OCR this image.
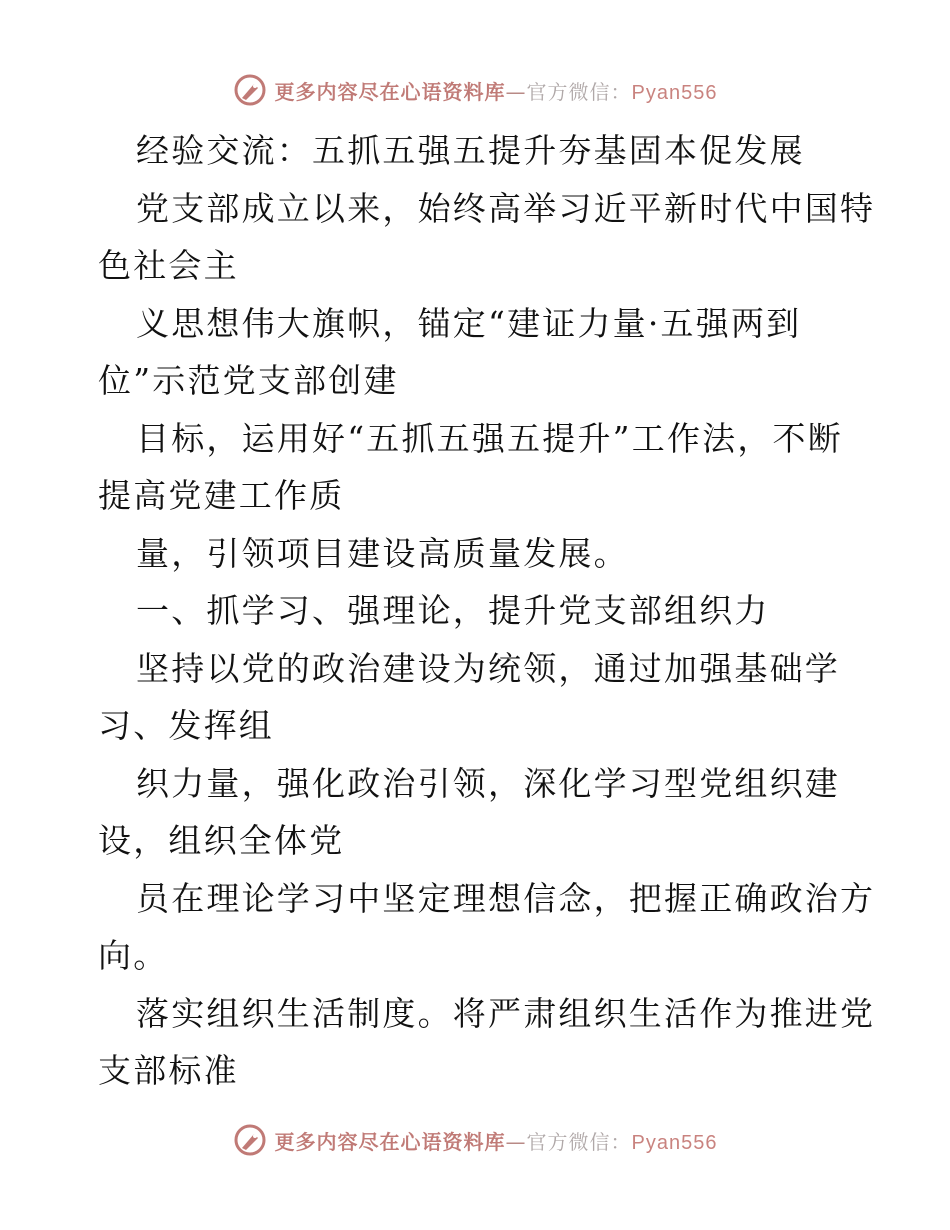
更多内容尽在心语资料库—官方微信：Pyan556

经验交流：五抓五强五提升夯基固本促发展

党支部成立以来，始终高举习近平新时代中国特

色社会主

义思想伟大旗帜，锚定“建证力量·五强两到

位”示范党支部创建

目标，运用好“五抓五强五提升”工作法，不断

提高党建工作质

量，引领项目建设高质量发展。

一、抓学习、强理论，提升党支部组织力

坚持以党的政治建设为统领，通过加强基础学

习、发挥组

织力量，强化政治引领，深化学习型党组织建

设，组织全体党

员在理论学习中坚定理想信念，把握正确政治方

向。

落实组织生活制度。将严肃组织生活作为推进党

支部标准

更多内容尽在心语资料库—官方微信：Pyan556
